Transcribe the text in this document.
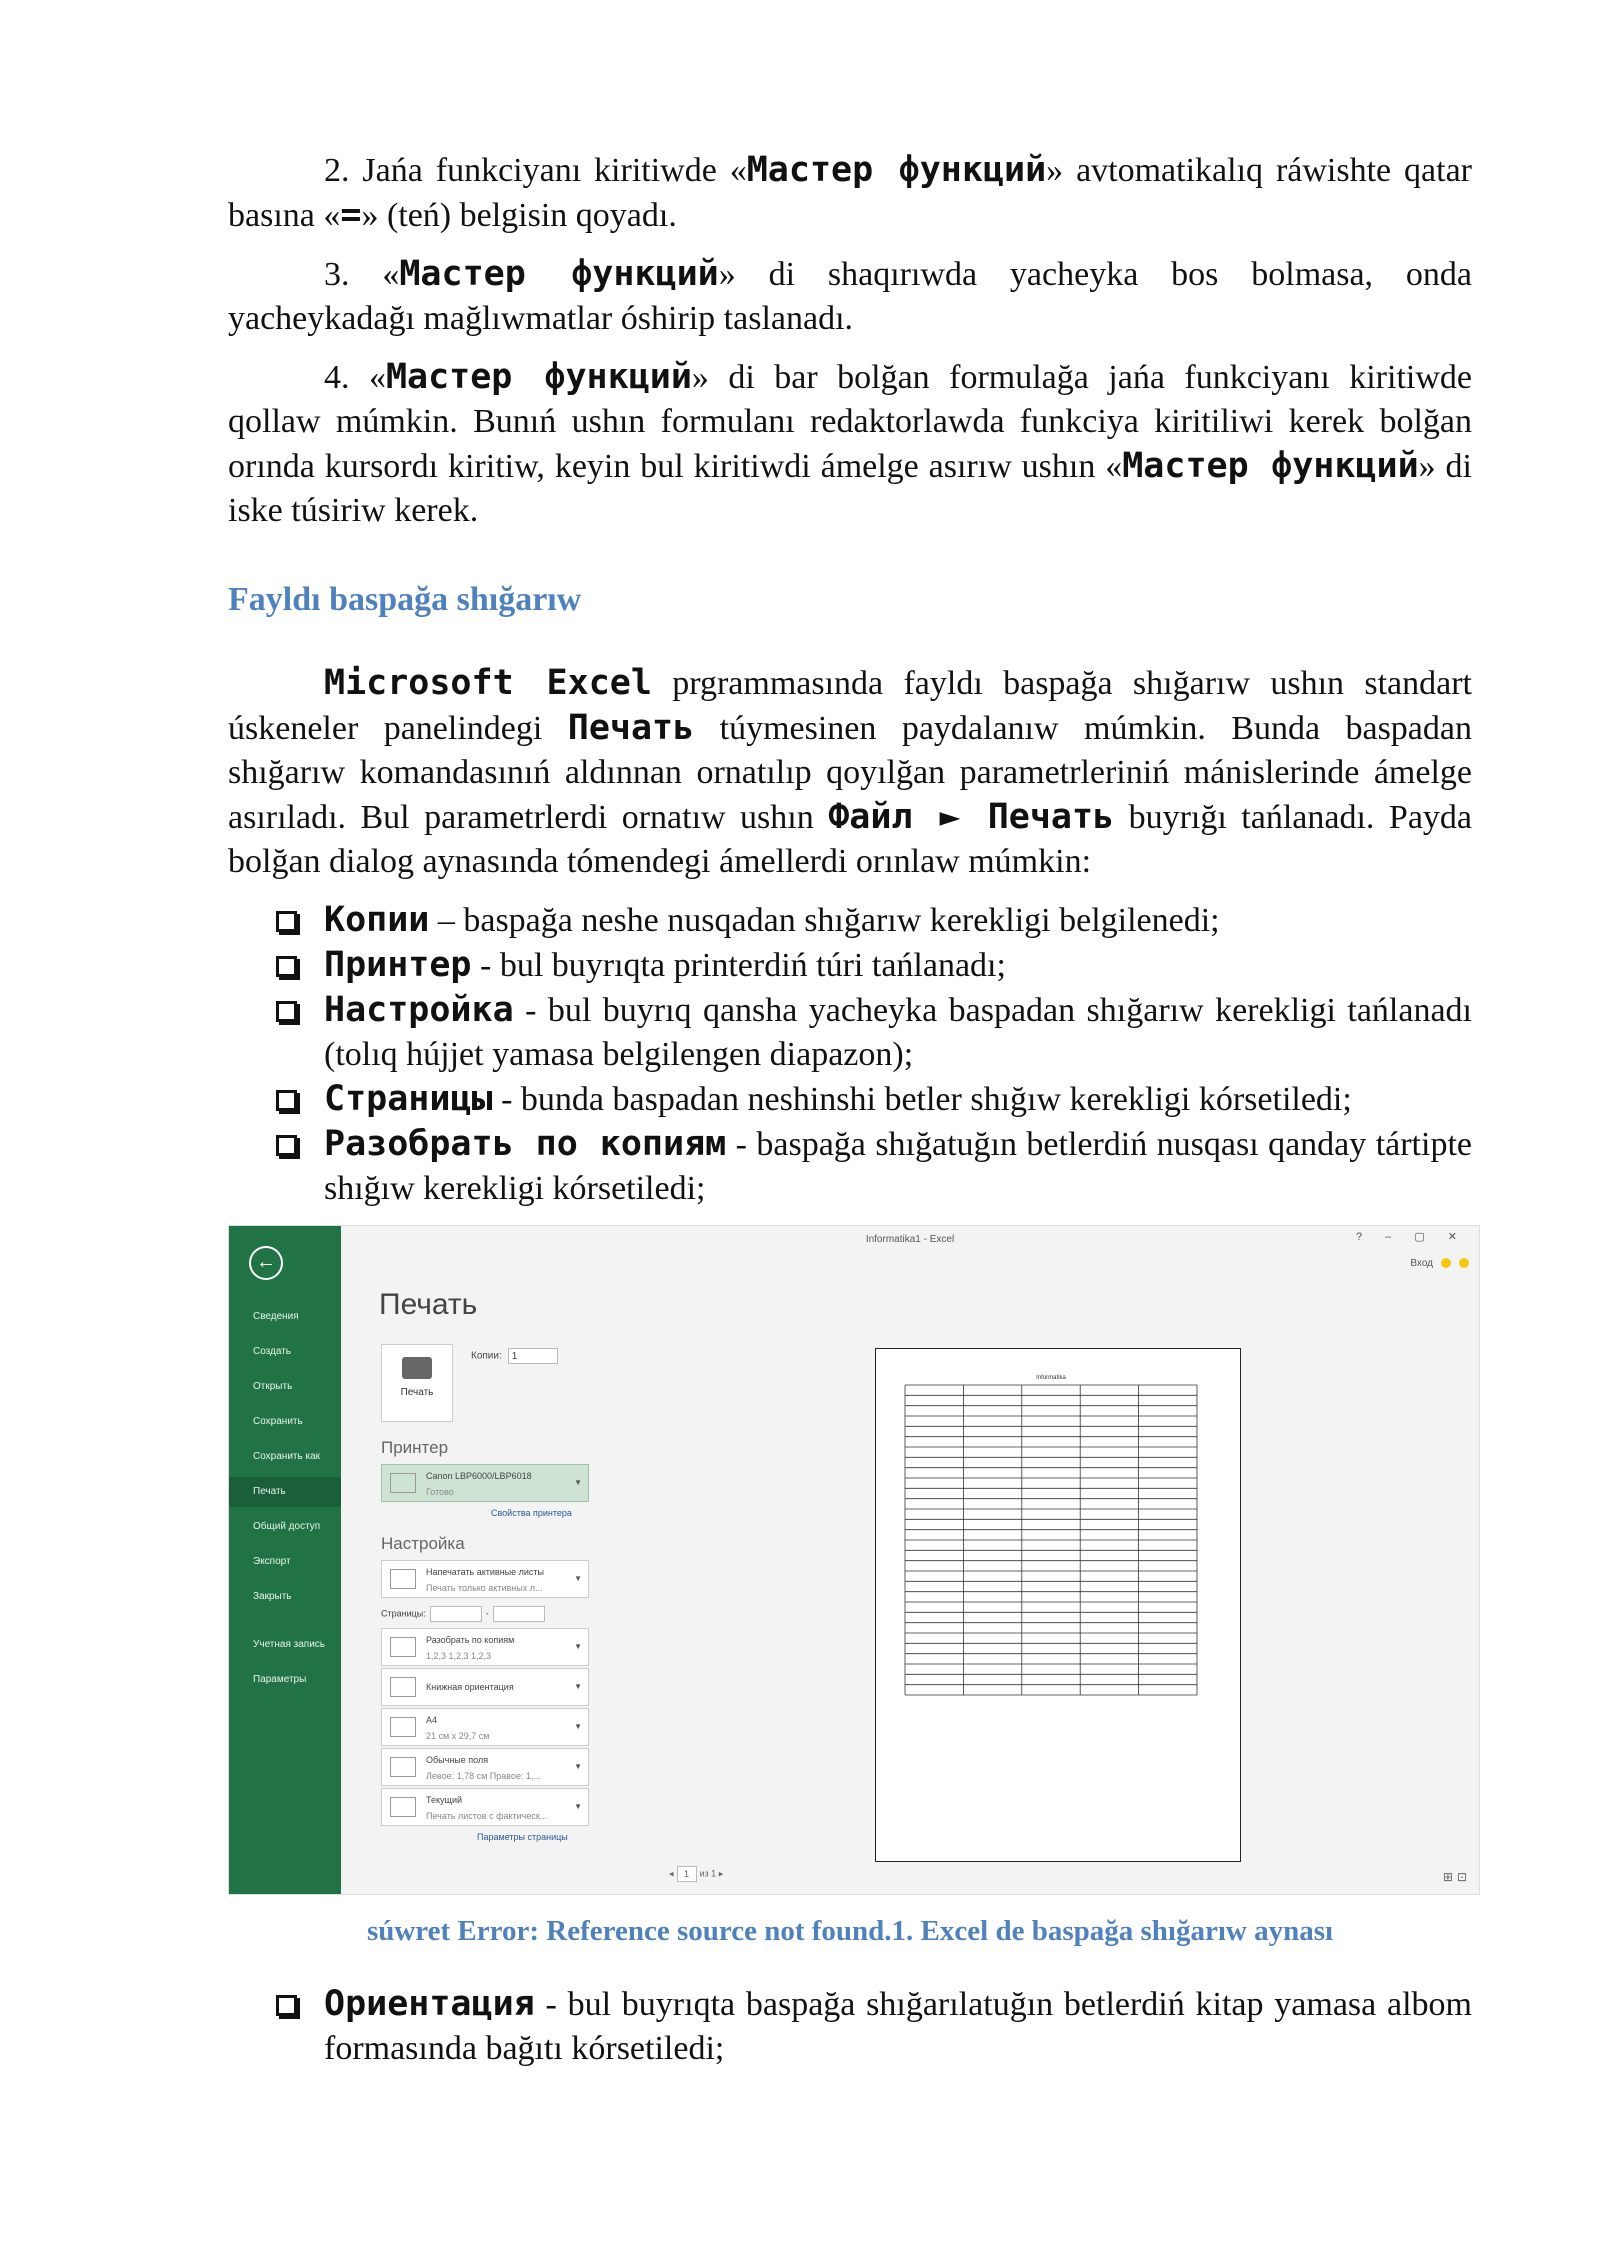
2. Jańa funkciyanı kiritiwde «Мастер функций» avtomatikalıq ráwishte qatar basına «=» (teń) belgisin qoyadı.

3. «Мастер функций» di shaqırıwda yacheyka bos bolmasa, onda yacheykadağı mağlıwmatlar óshirip taslanadı.

4. «Мастер функций» di bar bolğan formulağa jańa funkciyanı kiritiwde qollaw múmkin. Bunıń ushın formulanı redaktorlawda funkciya kiritiliwi kerek bolğan orında kursordı kiritiw, keyin bul kiritiwdi ámelge asırıw ushın «Мастер функций» di iske túsiriw kerek.

Fayldı baspağa shığarıw

Microsoft Excel prgrammasında fayldı baspağa shığarıw ushın standart úskeneler panelindegi Печать túymesinen paydalanıw múmkin. Bunda baspadan shığarıw komandasınıń aldınnan ornatılıp qoyılğan parametrleriniń mánislerinde ámelge asırıladı. Bul parametrlerdi ornatıw ushın Файл ► Печать buyrığı tańlanadı. Payda bolğan dialog aynasında tómendegi ámellerdi orınlaw múmkin:

Копии – baspağa neshe nusqadan shığarıw kerekligi belgilenedi;
Принтер - bul buyrıqta printerdiń túri tańlanadı;
Настройка - bul buyrıq qansha yacheyka baspadan shığarıw kerekligi tańlanadı (tolıq hújjet yamasa belgilengen diapazon);
Страницы - bunda baspadan neshinshi betler shığıw kerekligi kórsetiledi;
Разобрать по копиям - baspağa shığatuğın betlerdiń nusqası qanday tártipte shığıw kerekligi kórsetiledi;
←
Сведения
Создать
Открыть
Сохранить
Сохранить как
Печать
Общий доступ
Экспорт
Закрыть
Учетная запись
Параметры
Informatika1 - Excel	? – ▢ ✕
Вход
Печать
Печать
Копии: 1
Принтер
Canon LBP6000/LBP6018
Готово
▼
Свойства принтера
Настройка
Напечатать активные листы
Печать только активных л...
▼
Страницы:	-
Разобрать по копиям
1,2,3 1,2,3 1,2,3
▼
Книжная ориентация	▼
A4
21 см x 29,7 см
▼
Обычные поля
Левое: 1,78 см Правое: 1,...
▼
Текущий
Печать листов с фактическ...
▼
Параметры страницы
Informatika
◂ 1 из 1 ▸	⊞⊡
súwret Error: Reference source not found.1. Excel de baspağa shığarıw aynası
Ориентация - bul buyrıqta baspağa shığarılatuğın betlerdiń kitap yamasa albom formasında bağıtı kórsetiledi;
